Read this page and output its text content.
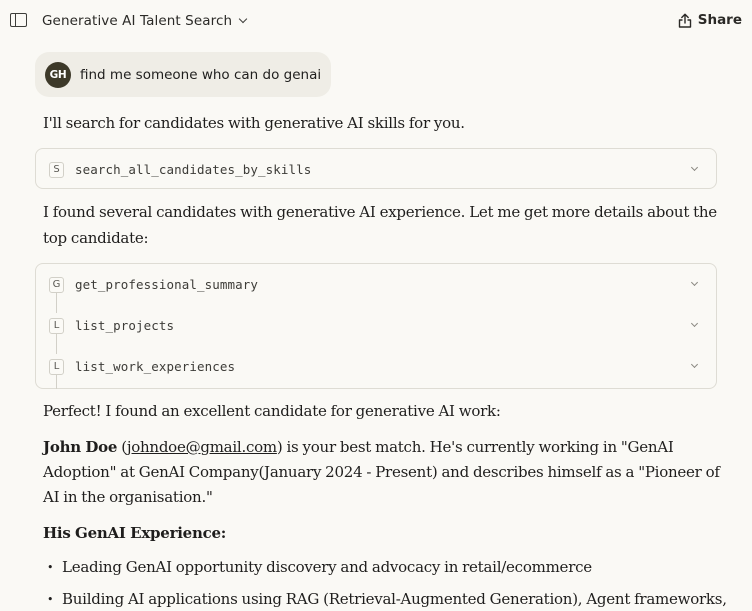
Generative AI Talent Search	Share
GH	find me someone who can do genai
I'll search for candidates with generative AI skills for you.
S	search_all_candidates_by_skills
I found several candidates with generative AI experience. Let me get more details about the
top candidate:
G get_professional_summary
L	list_projects
L	list_work_experiences
Perfect! I found an excellent candidate for generative AI work:
John Doe (johndoe@gmail.com) is your best match. He's currently working in "GenAI
Adoption" at GenAI Company(January 2024 - Present) and describes himself as a "Pioneer of
AI in the organisation."
His GenAI Experience:
• Leading GenAI opportunity discovery and advocacy in retail/ecommerce
• Building AI applications using RAG (Retrieval-Augmented Generation), Agent frameworks,
